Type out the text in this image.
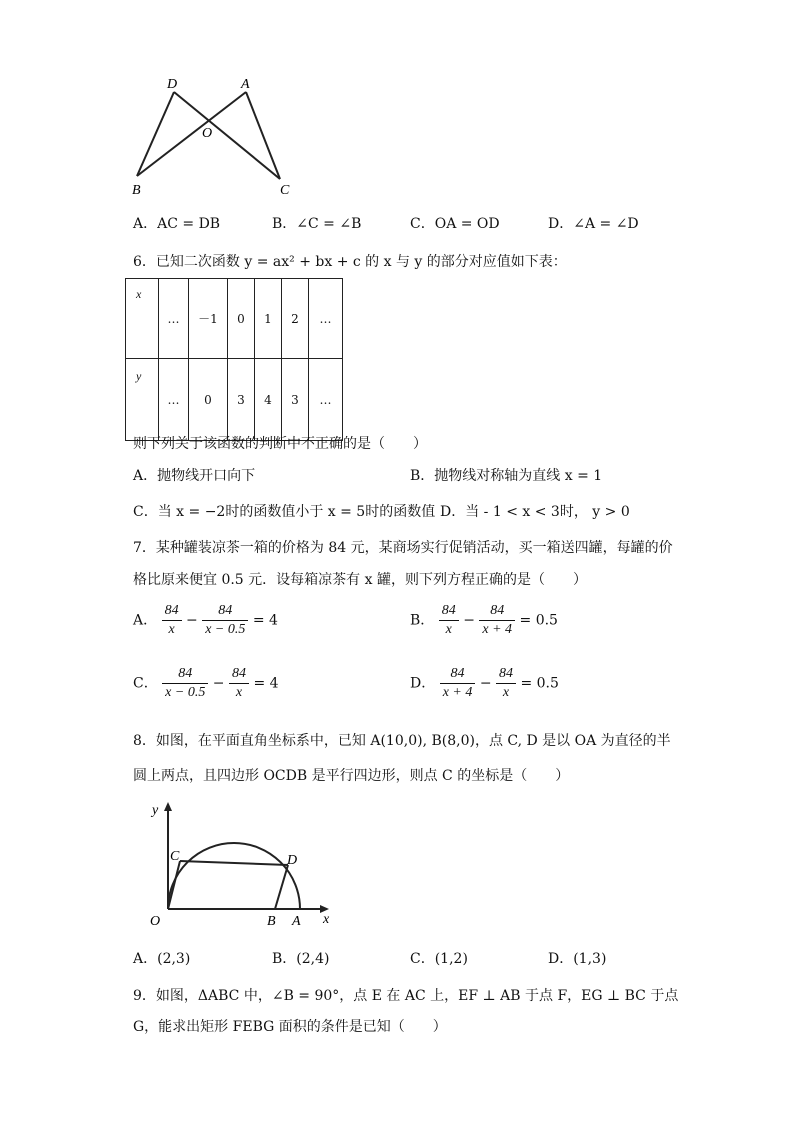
D	A
O
B	C
A．AC = DB	B．∠C = ∠B	C．OA = OD	D．∠A = ∠D
6．已知二次函数 y = ax² + bx + c 的 x 与 y 的部分对应值如下表：
x	…	－1	0	1	2	…
y	…	0	3	4	3	…
则下列关于该函数的判断中不正确的是（　　）
A．抛物线开口向下	B．抛物线对称轴为直线 x = 1
C．当 x = −2时的函数值小于 x = 5时的函数值 D．当 - 1 < x < 3时， y > 0
7．某种罐装凉茶一箱的价格为 84 元，某商场实行促销活动，买一箱送四罐，每罐的价
格比原来便宜 0.5 元．设每箱凉茶有 x 罐，则下列方程正确的是（　　）
A． $\frac{84}{x} - \frac{84}{x - 0.5} = 4$	B． $\frac{84}{x} - \frac{84}{x + 4} = 0.5$
C． $\frac{84}{x - 0.5} - \frac{84}{x} = 4$	D． $\frac{84}{x + 4} - \frac{84}{x} = 0.5$
8．如图，在平面直角坐标系中，已知 A(10,0), B(8,0)，点 C, D 是以 OA 为直径的半
圆上两点，且四边形 OCDB 是平行四边形，则点 C 的坐标是（　　）
y
x
C	D
O	B A
A．(2,3)	B．(2,4)	C．(1,2)	D．(1,3)
9．如图，ΔABC 中，∠B = 90°，点 E 在 AC 上，EF ⊥ AB 于点 F，EG ⊥ BC 于点
G，能求出矩形 FEBG 面积的条件是已知（　　）
